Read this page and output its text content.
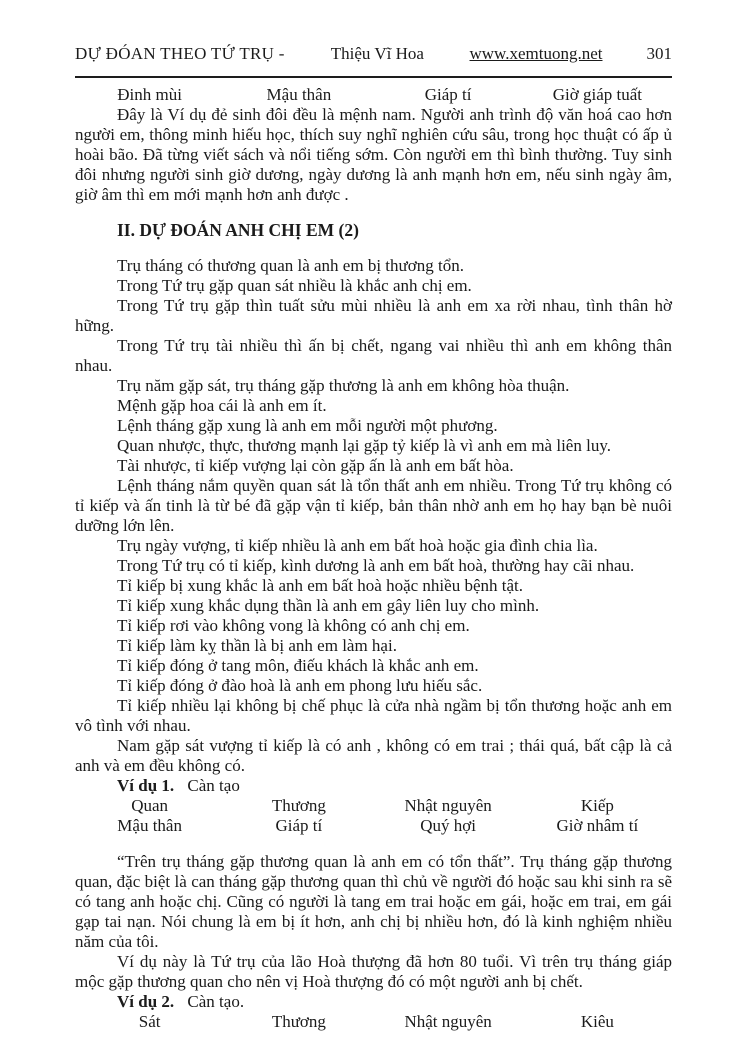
DỰ ĐÓAN THEO TỨ TRỤ -	Thiệu Vĩ Hoa	www.xemtuong.net	301
Đinh mùi	Mậu thân	Giáp tí	Giờ giáp tuất

Đây là Ví dụ đẻ sinh đôi đều là mệnh nam. Người anh trình độ văn hoá cao hơn người em, thông minh hiếu học, thích suy nghĩ nghiên cứu sâu, trong học thuật có ấp ủ hoài bão. Đã từng viết sách và nổi tiếng sớm. Còn người em thì bình thường. Tuy sinh đôi nhưng người sinh giờ dương, ngày dương là anh mạnh hơn em, nếu sinh ngày âm, giờ âm thì em mới mạnh hơn anh được .

II. DỰ ĐOÁN ANH CHỊ EM (2)

Trụ tháng có thương quan là anh em bị thương tổn.

Trong Tứ trụ gặp quan sát nhiều là khắc anh chị em.

Trong Tứ trụ gặp thìn tuất sửu mùi nhiều là anh em xa rời nhau, tình thân hờ hững.

Trong Tứ trụ tài nhiều thì ấn bị chết, ngang vai nhiều thì anh em không thân nhau.

Trụ năm gặp sát, trụ tháng gặp thương là anh em không hòa thuận.

Mệnh gặp hoa cái là anh em ít.

Lệnh tháng gặp xung là anh em mỗi người một phương.

Quan nhược, thực, thương mạnh lại gặp tỷ kiếp là vì anh em mà liên luy.

Tài nhược, tỉ kiếp vượng lại còn gặp ấn là anh em bất hòa.

Lệnh tháng nắm quyền quan sát là tổn thất anh em nhiều. Trong Tứ trụ không có tỉ kiếp và ấn tinh là từ bé đã gặp vận tỉ kiếp, bản thân nhờ anh em họ hay bạn bè nuôi dưỡng lớn lên.

Trụ ngày vượng, tỉ kiếp nhiều là anh em bất hoà hoặc gia đình chia lìa.

Trong Tứ trụ có tỉ kiếp, kình dương là anh em bất hoà, thường hay cãi nhau.

Tỉ kiếp bị xung khắc là anh em bất hoà hoặc nhiều bệnh tật.

Tỉ kiếp xung khắc dụng thần là anh em gây liên luy cho mình.

Tỉ kiếp rơi vào không vong là không có anh chị em.

Tỉ kiếp làm kỵ thần là bị anh em làm hại.

Tỉ kiếp đóng ở tang môn, điếu khách là khắc anh em.

Tỉ kiếp đóng ở đào hoà là anh em phong lưu hiếu sắc.

Tỉ kiếp nhiều lại không bị chế phục là cửa nhà ngầm bị tổn thương hoặc anh em vô tình với nhau.

Nam gặp sát vượng tỉ kiếp là có anh , không có em trai ; thái quá, bất cập là cả anh và em đều không có.

Ví dụ 1. Càn tạo

Quan	Thương	Nhật nguyên	Kiếp
Mậu thân	Giáp tí	Quý hợi	Giờ nhâm tí

“Trên trụ tháng gặp thương quan là anh em có tổn thất”. Trụ tháng gặp thương quan, đặc biệt là can tháng gặp thương quan thì chủ về người đó hoặc sau khi sinh ra sẽ có tang anh hoặc chị. Cũng có người là tang em trai hoặc em gái, hoặc em trai, em gái gạp tai nạn. Nói chung là em bị ít hơn, anh chị bị nhiều hơn, đó là kinh nghiệm nhiều năm của tôi.

Ví dụ này là Tứ trụ của lão Hoà thượng đã hơn 80 tuổi. Vì trên trụ tháng giáp mộc gặp thương quan cho nên vị Hoà thượng đó có một người anh bị chết.

Ví dụ 2. Càn tạo.

Sát	Thương	Nhật nguyên	Kiêu
